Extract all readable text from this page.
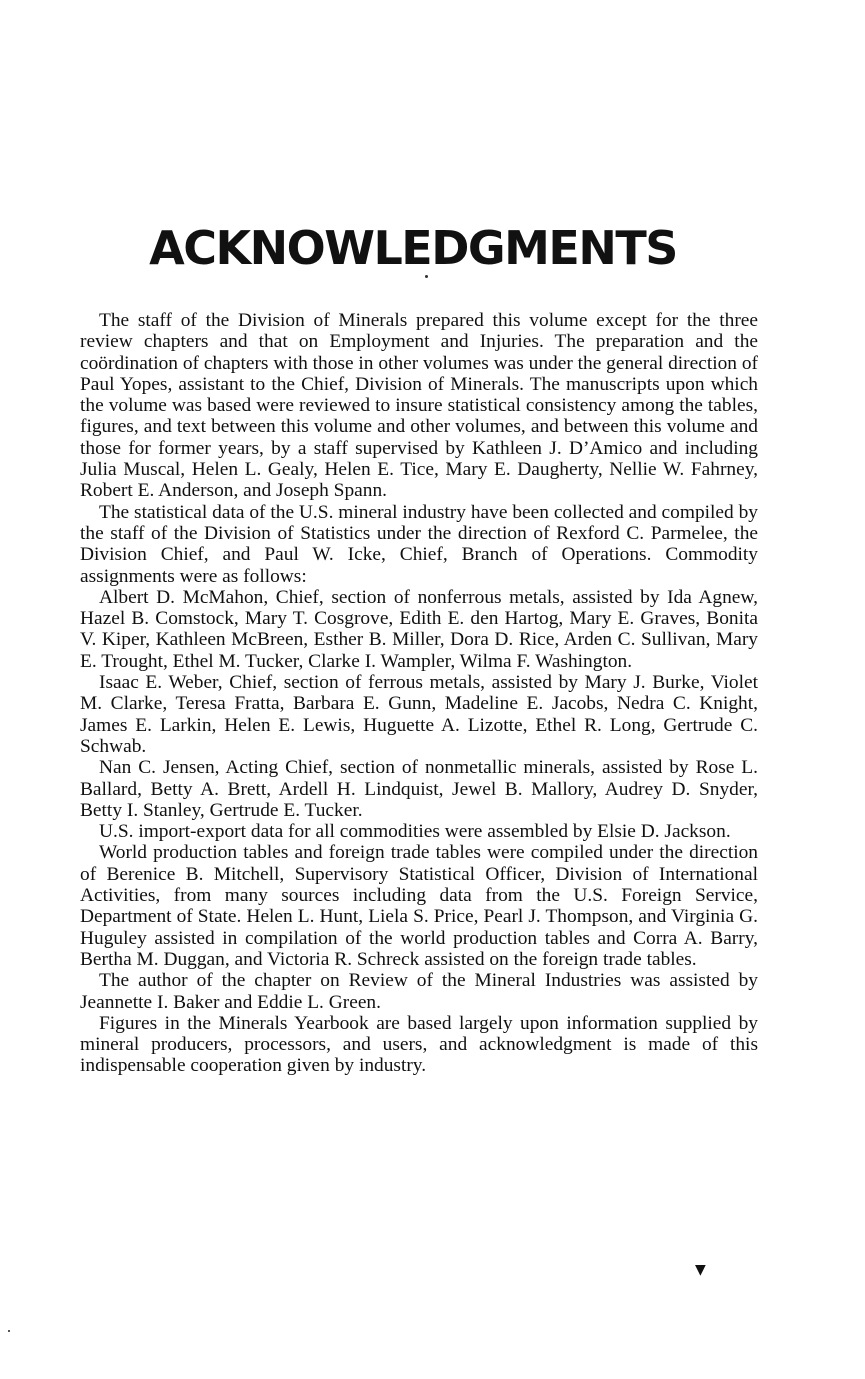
ACKNOWLEDGMENTS

The staff of the Division of Minerals prepared this volume except for the three review chapters and that on Employment and Injuries. The preparation and the coördination of chapters with those in other volumes was under the general direction of Paul Yopes, assistant to the Chief, Division of Minerals. The manuscripts upon which the volume was based were reviewed to insure statistical consistency among the tables, figures, and text between this volume and other volumes, and between this volume and those for former years, by a staff supervised by Kathleen J. D’Amico and including Julia Muscal, Helen L. Gealy, Helen E. Tice, Mary E. Daugherty, Nellie W. Fahrney, Robert E. Anderson, and Joseph Spann.

The statistical data of the U.S. mineral industry have been collected and compiled by the staff of the Division of Statistics under the direction of Rexford C. Parmelee, the Division Chief, and Paul W. Icke, Chief, Branch of Operations. Commodity assignments were as follows:

Albert D. McMahon, Chief, section of nonferrous metals, assisted by Ida Agnew, Hazel B. Comstock, Mary T. Cosgrove, Edith E. den Hartog, Mary E. Graves, Bonita V. Kiper, Kathleen McBreen, Esther B. Miller, Dora D. Rice, Arden C. Sullivan, Mary E. Trought, Ethel M. Tucker, Clarke I. Wampler, Wilma F. Washington.

Isaac E. Weber, Chief, section of ferrous metals, assisted by Mary J. Burke, Violet M. Clarke, Teresa Fratta, Barbara E. Gunn, Madeline E. Jacobs, Nedra C. Knight, James E. Larkin, Helen E. Lewis, Huguette A. Lizotte, Ethel R. Long, Gertrude C. Schwab.

Nan C. Jensen, Acting Chief, section of nonmetallic minerals, assisted by Rose L. Ballard, Betty A. Brett, Ardell H. Lindquist, Jewel B. Mallory, Audrey D. Snyder, Betty I. Stanley, Gertrude E. Tucker.

U.S. import-export data for all commodities were assembled by Elsie D. Jackson.

World production tables and foreign trade tables were compiled under the direction of Berenice B. Mitchell, Supervisory Statistical Officer, Division of International Activities, from many sources including data from the U.S. Foreign Service, Department of State. Helen L. Hunt, Liela S. Price, Pearl J. Thompson, and Virginia G. Huguley assisted in compilation of the world production tables and Corra A. Barry, Bertha M. Duggan, and Victoria R. Schreck assisted on the foreign trade tables.

The author of the chapter on Review of the Mineral Industries was assisted by Jeannette I. Baker and Eddie L. Green.

Figures in the Minerals Yearbook are based largely upon information supplied by mineral producers, processors, and users, and acknowledgment is made of this indispensable cooperation given by industry.

▼
